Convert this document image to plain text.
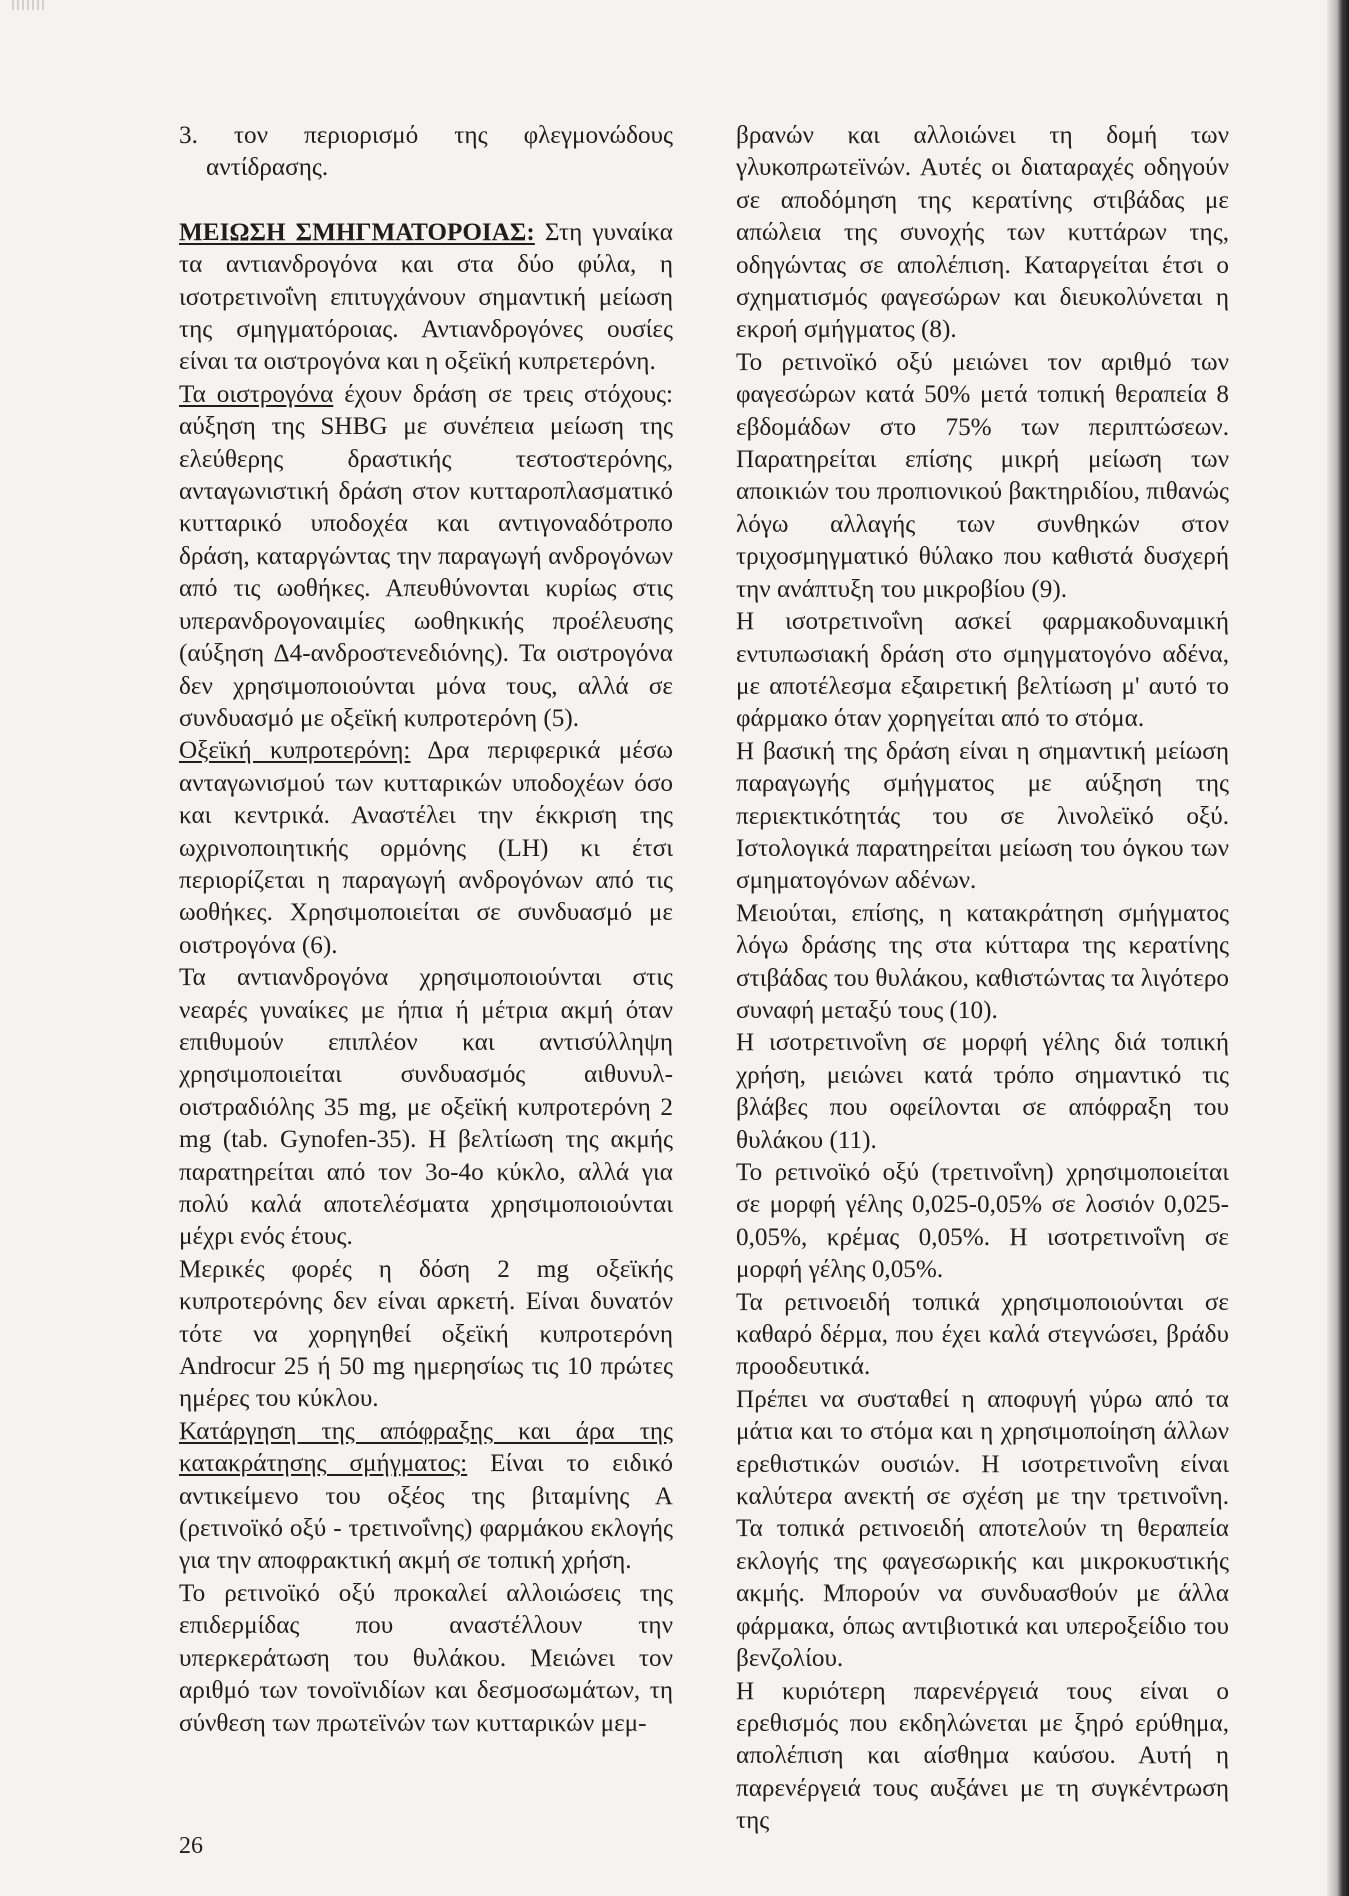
3. τον περιορισμό της φλεγμονώδους αντίδρασης.

ΜΕΙΩΣΗ ΣΜΗΓΜΑΤΟΡΟΙΑΣ: Στη γυναίκα τα αντιανδρογόνα και στα δύο φύλα, η ισοτρετινοΐνη επιτυγχάνουν σημαντική μείωση της σμηγματόροιας. Αντιανδρογόνες ουσίες είναι τα οιστρογόνα και η οξεϊκή κυπρετερόνη.

Τα οιστρογόνα έχουν δράση σε τρεις στόχους: αύξηση της SHBG με συνέπεια μείωση της ελεύθερης δραστικής τεστοστερόνης, ανταγωνιστική δράση στον κυτταροπλασματικό κυτταρικό υποδοχέα και αντιγοναδότροπο δράση, καταργώντας την παραγωγή ανδρογόνων από τις ωοθήκες. Απευθύνονται κυρίως στις υπερανδρογοναιμίες ωοθηκικής προέλευσης (αύξηση Δ4-ανδροστενεδιόνης). Τα οιστρογόνα δεν χρησιμοποιούνται μόνα τους, αλλά σε συνδυασμό με οξεϊκή κυπροτερόνη (5).

Οξεϊκή κυπροτερόνη: Δρα περιφερικά μέσω ανταγωνισμού των κυτταρικών υποδοχέων όσο και κεντρικά. Αναστέλει την έκκριση της ωχρινοποιητικής ορμόνης (LH) κι έτσι περιορίζεται η παραγωγή ανδρογόνων από τις ωοθήκες. Χρησιμοποιείται σε συνδυασμό με οιστρογόνα (6).

Τα αντιανδρογόνα χρησιμοποιούνται στις νεαρές γυναίκες με ήπια ή μέτρια ακμή όταν επιθυμούν επιπλέον και αντισύλληψη χρησιμοποιείται συνδυασμός αιθυνυλ-οιστραδιόλης 35 mg, με οξεϊκή κυπροτερόνη 2 mg (tab. Gynofen-35). Η βελτίωση της ακμής παρατηρείται από τον 3ο-4ο κύκλο, αλλά για πολύ καλά αποτελέσματα χρησιμοποιούνται μέχρι ενός έτους.

Μερικές φορές η δόση 2 mg οξεϊκής κυπροτερόνης δεν είναι αρκετή. Είναι δυνατόν τότε να χορηγηθεί οξεϊκή κυπροτερόνη Androcur 25 ή 50 mg ημερησίως τις 10 πρώτες ημέρες του κύκλου.

Κατάργηση της απόφραξης και άρα της κατακράτησης σμήγματος: Είναι το ειδικό αντικείμενο του οξέος της βιταμίνης Α (ρετινοϊκό οξύ - τρετινοΐνης) φαρμάκου εκλογής για την αποφρακτική ακμή σε τοπική χρήση.

Το ρετινοϊκό οξύ προκαλεί αλλοιώσεις της επιδερμίδας που αναστέλλουν την υπερκεράτωση του θυλάκου. Μειώνει τον αριθμό των τονοϊνιδίων και δεσμοσωμάτων, τη σύνθεση των πρωτεϊνών των κυτταρικών μεμ-

βρανών και αλλοιώνει τη δομή των γλυκοπρωτεϊνών. Αυτές οι διαταραχές οδηγούν σε αποδόμηση της κερατίνης στιβάδας με απώλεια της συνοχής των κυττάρων της, οδηγώντας σε απολέπιση. Καταργείται έτσι ο σχηματισμός φαγεσώρων και διευκολύνεται η εκροή σμήγματος (8).

Το ρετινοϊκό οξύ μειώνει τον αριθμό των φαγεσώρων κατά 50% μετά τοπική θεραπεία 8 εβδομάδων στο 75% των περιπτώσεων. Παρατηρείται επίσης μικρή μείωση των αποικιών του προπιονικού βακτηριδίου, πιθανώς λόγω αλλαγής των συνθηκών στον τριχοσμηγματικό θύλακο που καθιστά δυσχερή την ανάπτυξη του μικροβίου (9).

Η ισοτρετινοΐνη ασκεί φαρμακοδυναμική εντυπωσιακή δράση στο σμηγματογόνο αδένα, με αποτέλεσμα εξαιρετική βελτίωση μ' αυτό το φάρμακο όταν χορηγείται από το στόμα.

Η βασική της δράση είναι η σημαντική μείωση παραγωγής σμήγματος με αύξηση της περιεκτικότητάς του σε λινολεϊκό οξύ. Ιστολογικά παρατηρείται μείωση του όγκου των σμηματογόνων αδένων.

Μειούται, επίσης, η κατακράτηση σμήγματος λόγω δράσης της στα κύτταρα της κερατίνης στιβάδας του θυλάκου, καθιστώντας τα λιγότερο συναφή μεταξύ τους (10).

Η ισοτρετινοΐνη σε μορφή γέλης διά τοπική χρήση, μειώνει κατά τρόπο σημαντικό τις βλάβες που οφείλονται σε απόφραξη του θυλάκου (11).

Το ρετινοϊκό οξύ (τρετινοΐνη) χρησιμοποιείται σε μορφή γέλης 0,025-0,05% σε λοσιόν 0,025-0,05%, κρέμας 0,05%. Η ισοτρετινοΐνη σε μορφή γέλης 0,05%.

Τα ρετινοειδή τοπικά χρησιμοποιούνται σε καθαρό δέρμα, που έχει καλά στεγνώσει, βράδυ προοδευτικά.

Πρέπει να συσταθεί η αποφυγή γύρω από τα μάτια και το στόμα και η χρησιμοποίηση άλλων ερεθιστικών ουσιών. Η ισοτρετινοΐνη είναι καλύτερα ανεκτή σε σχέση με την τρετινοΐνη. Τα τοπικά ρετινοειδή αποτελούν τη θεραπεία εκλογής της φαγεσωρικής και μικροκυστικής ακμής. Μπορούν να συνδυασθούν με άλλα φάρμακα, όπως αντιβιοτικά και υπεροξείδιο του βενζολίου.

Η κυριότερη παρενέργειά τους είναι ο ερεθισμός που εκδηλώνεται με ξηρό ερύθημα, απολέπιση και αίσθημα καύσου. Αυτή η παρενέργειά τους αυξάνει με τη συγκέντρωση της

26
